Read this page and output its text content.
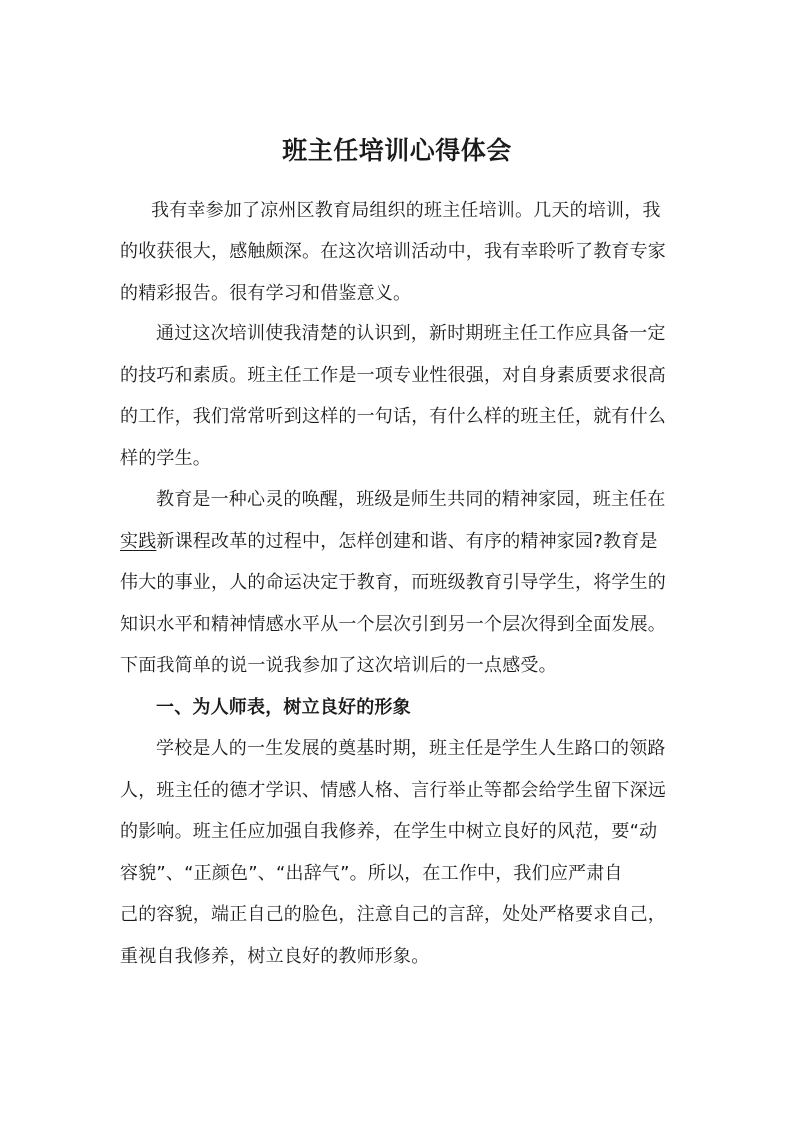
班主任培训心得体会
我有幸参加了凉州区教育局组织的班主任培训。几天的培训，我
的收获很大，感触颇深。在这次培训活动中，我有幸聆听了教育专家
的精彩报告。很有学习和借鉴意义。
通过这次培训使我清楚的认识到，新时期班主任工作应具备一定
的技巧和素质。班主任工作是一项专业性很强，对自身素质要求很高
的工作，我们常常听到这样的一句话，有什么样的班主任，就有什么
样的学生。
教育是一种心灵的唤醒，班级是师生共同的精神家园，班主任在
实践新课程改革的过程中，怎样创建和谐、有序的精神家园?教育是
伟大的事业，人的命运决定于教育，而班级教育引导学生，将学生的
知识水平和精神情感水平从一个层次引到另一个层次得到全面发展。
下面我简单的说一说我参加了这次培训后的一点感受。
一、为人师表，树立良好的形象
学校是人的一生发展的奠基时期，班主任是学生人生路口的领路
人，班主任的德才学识、情感人格、言行举止等都会给学生留下深远
的影响。班主任应加强自我修养，在学生中树立良好的风范，要“动
容貌”、“正颜色”、“出辞气”。所以，在工作中，我们应严肃自
己的容貌，端正自己的脸色，注意自己的言辞，处处严格要求自己，
重视自我修养，树立良好的教师形象。
